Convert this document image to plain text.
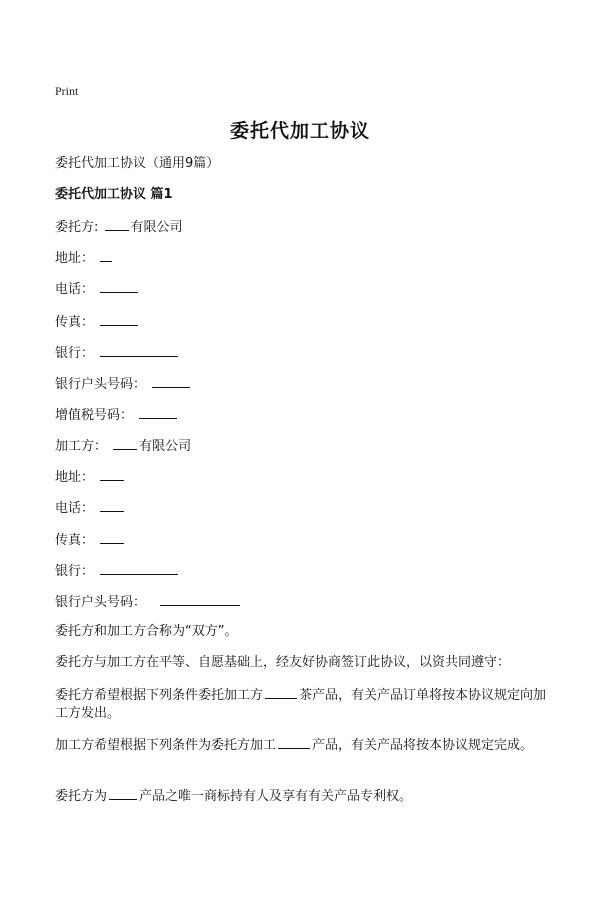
Print
委托代加工协议
委托代加工协议（通用9篇）
委托代加工协议 篇1
委托方: 有限公司
地址：
电话：
传真：
银行：
银行户头号码：
增值税号码：
加工方： 有限公司
地址：
电话：
传真：
银行：
银行户头号码：
委托方和加工方合称为“双方”。
委托方与加工方在平等、自愿基础上，经友好协商签订此协议，以资共同遵守：
委托方希望根据下列条件委托加工方	茶产品，有关产品订单将按本协议规定向加工方发出。
加工方希望根据下列条件为委托方加工	产品，有关产品将按本协议规定完成。
委托方为 产品之唯一商标持有人及享有有关产品专利权。
